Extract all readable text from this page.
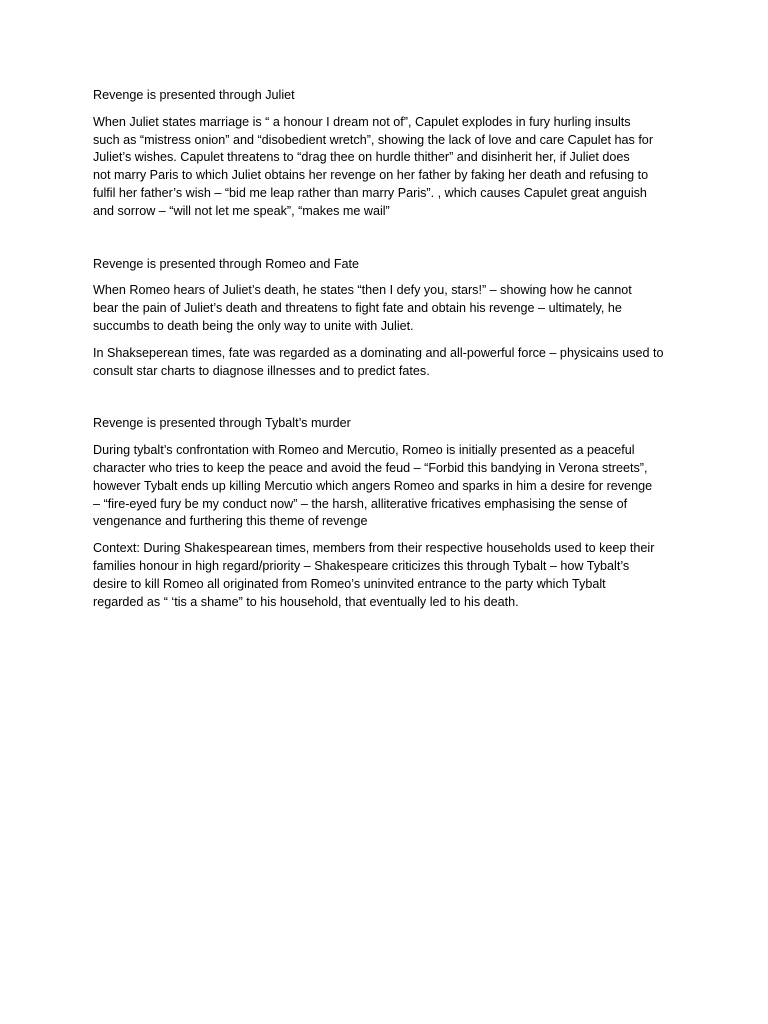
Revenge is presented through Juliet
When Juliet states marriage is “ a honour I dream not of”, Capulet explodes in fury hurling insults
such as “mistress onion” and “disobedient wretch”, showing the lack of love and care Capulet has for
Juliet’s wishes. Capulet threatens to “drag thee on hurdle thither” and disinherit her, if Juliet does
not marry Paris to which Juliet obtains her revenge on her father by faking her death and refusing to
fulfil her father’s wish – “bid me leap rather than marry Paris”. , which causes Capulet great anguish
and sorrow – “will not let me speak”, “makes me wail”
Revenge is presented through Romeo and Fate
When Romeo hears of Juliet’s death, he states “then I defy you, stars!” – showing how he cannot
bear the pain of Juliet’s death and threatens to fight fate and obtain his revenge – ultimately, he
succumbs to death being the only way to unite with Juliet.
In Shakseperean times, fate was regarded as a dominating and all-powerful force – physicains used to
consult star charts to diagnose illnesses and to predict fates.
Revenge is presented through Tybalt’s murder
During tybalt’s confrontation with Romeo and Mercutio, Romeo is initially presented as a peaceful
character who tries to keep the peace and avoid the feud – “Forbid this bandying in Verona streets”,
however Tybalt ends up killing Mercutio which angers Romeo and sparks in him a desire for revenge
– “fire-eyed fury be my conduct now” – the harsh, alliterative fricatives emphasising the sense of
vengenance and furthering this theme of revenge
Context: During Shakespearean times, members from their respective households used to keep their
families honour in high regard/priority – Shakespeare criticizes this through Tybalt – how Tybalt’s
desire to kill Romeo all originated from Romeo’s uninvited entrance to the party which Tybalt
regarded as “ ‘tis a shame” to his household, that eventually led to his death.
